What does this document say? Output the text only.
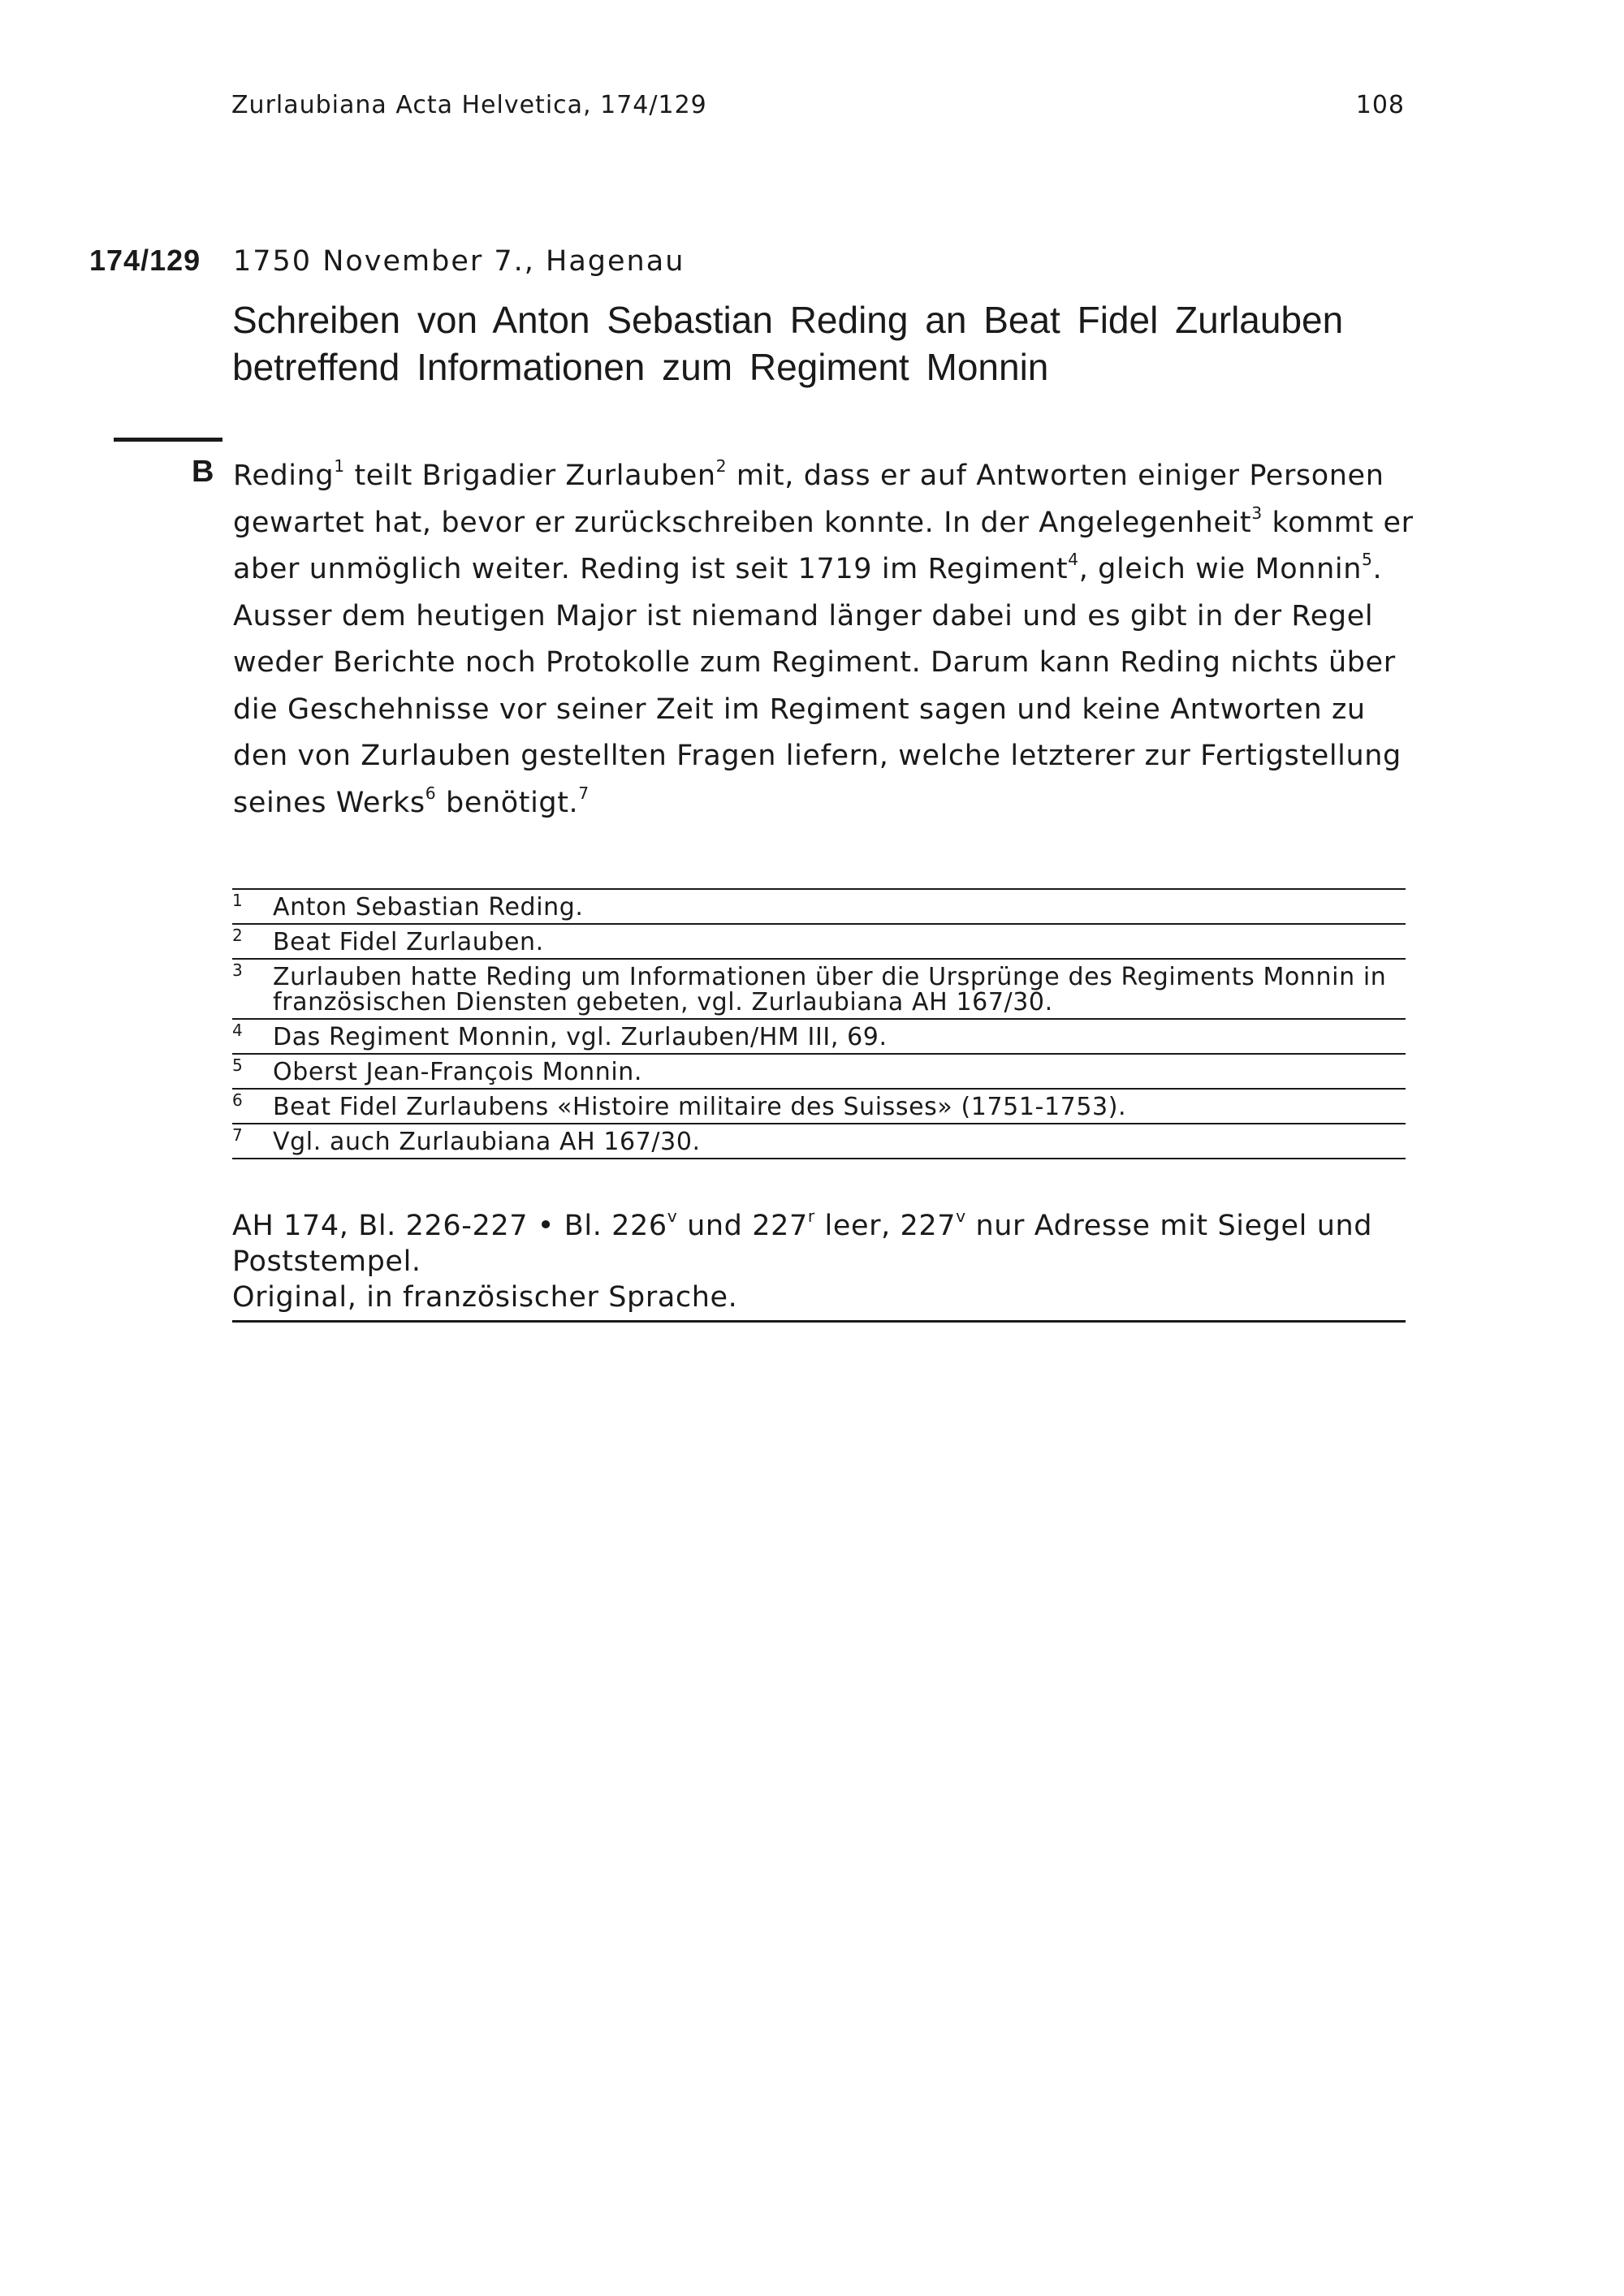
Zurlaubiana Acta Helvetica, 174/129	108
174/129 1750 November 7., Hagenau
Schreiben von Anton Sebastian Reding an Beat Fidel Zurlauben
betreffend Informationen zum Regiment Monnin
B Reding$^1$ teilt Brigadier Zurlauben$^2$ mit, dass er auf Antworten einiger Personen
gewartet hat, bevor er zurückschreiben konnte. In der Angelegenheit$^3$ kommt er
aber unmöglich weiter. Reding ist seit 1719 im Regiment$^4$, gleich wie Monnin$^5$.
Ausser dem heutigen Major ist niemand länger dabei und es gibt in der Regel
weder Berichte noch Protokolle zum Regiment. Darum kann Reding nichts über
die Geschehnisse vor seiner Zeit im Regiment sagen und keine Antworten zu
den von Zurlauben gestellten Fragen liefern, welche letzterer zur Fertigstellung
seines Werks$^6$ benötigt.$^7$
1 Anton Sebastian Reding.
2 Beat Fidel Zurlauben.
3 Zurlauben hatte Reding um Informationen über die Ursprünge des Regiments Monnin in
französischen Diensten gebeten, vgl. Zurlaubiana AH 167/30.
4 Das Regiment Monnin, vgl. Zurlauben/HM III, 69.
5 Oberst Jean-François Monnin.
6 Beat Fidel Zurlaubens «Histoire militaire des Suisses» (1751-1753).
7 Vgl. auch Zurlaubiana AH 167/30.
AH 174, Bl. 226-227 • Bl. 226$^v$ und 227$^r$ leer, 227$^v$ nur Adresse mit Siegel und
Poststempel.
Original, in französischer Sprache.
